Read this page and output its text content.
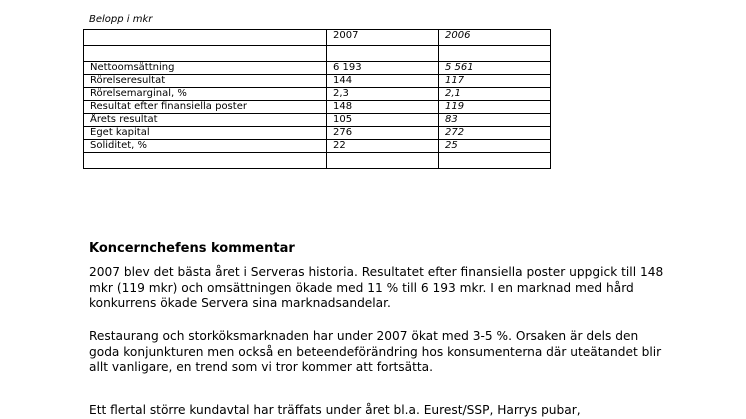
Belopp i mkr
	2007	2006

Nettoomsättning	6 193	5 561
Rörelseresultat	144	117
Rörelsemarginal, %	2,3	2,1
Resultat efter finansiella poster	148	119
Årets resultat	105	83
Eget kapital	276	272
Soliditet, %	22	25

Koncernchefens kommentar

2007 blev det bästa året i Serveras historia. Resultatet efter finansiella poster uppgick till 148 mkr (119 mkr) och omsättningen ökade med 11 % till 6 193 mkr. I en marknad med hård konkurrens ökade Servera sina marknadsandelar.

Restaurang och storköksmarknaden har under 2007 ökat med 3-5 %. Orsaken är dels den goda konjunkturen men också en beteendeförändring hos konsumenterna där uteätandet blir allt vanligare, en trend som vi tror kommer att fortsätta.

Ett flertal större kundavtal har träffats under året bl.a. Eurest/SSP, Harrys pubar,
